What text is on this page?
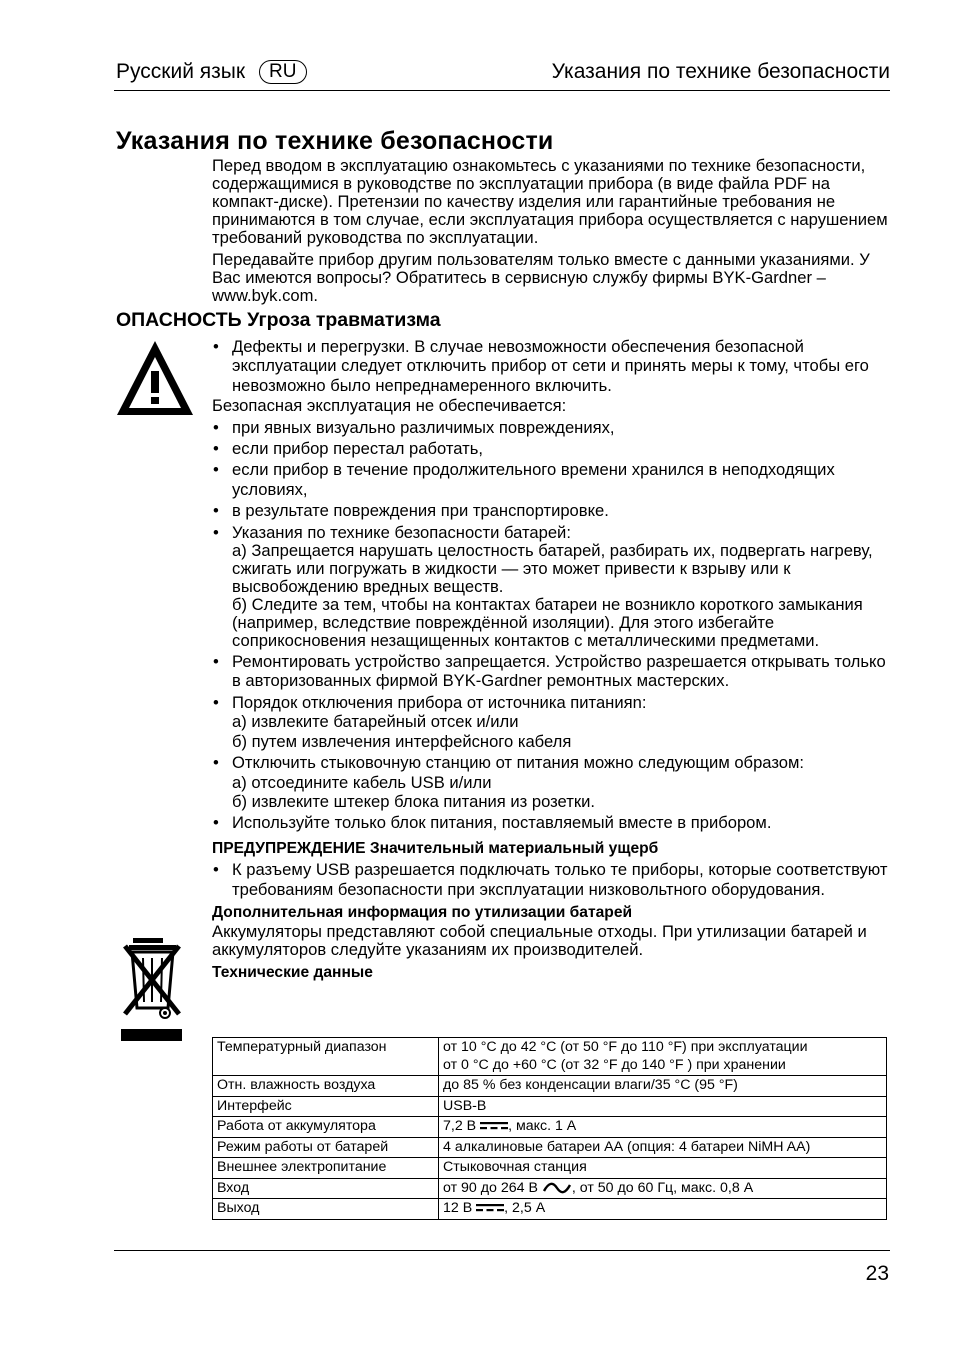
Русский язык	RU	Указания по технике безопасности
Указания по технике безопасности

Перед вводом в эксплуатацию ознакомьтесь с указаниями по технике безопасности, содержащимися в руководстве по эксплуатации прибора (в виде файла PDF на компакт-диске). Претензии по качеству изделия или гарантийные требования не принимаются в том случае, если эксплуатация прибора осуществляется с нарушением требований руководства по эксплуатации.

Передавайте прибор другим пользователям только вместе с данными указаниями. У Вас имеются вопросы? Обратитесь в сервисную службу фирмы BYK-Gardner – www.byk.com.

ОПАСНОСТЬ Угроза травматизма
• Дефекты и перегрузки. В случае невозможности обеспечения безопасной эксплуатации следует отключить прибор от сети и принять меры к тому, чтобы его невозможно было непреднамеренного включить.
Безопасная эксплуатация не обеспечивается:
• при явных визуально различимых повреждениях,
• если прибор перестал работать,
• если прибор в течение продолжительного времени хранился в неподходящих условиях,
• в результате повреждения при транспортировке.
• Указания по технике безопасности батарей:
а) Запрещается нарушать целостность батарей, разбирать их, подвергать нагреву, сжигать или погружать в жидкости — это может привести к взрыву или к высвобождению вредных веществ.
б) Следите за тем, чтобы на контактах батареи не возникло короткого замыкания (например, вследствие повреждённой изоляции). Для этого избегайте соприкосновения незащищенных контактов с металлическими предметами.
• Ремонтировать устройство запрещается. Устройство разрешается открывать только в авторизованных фирмой BYK-Gardner ремонтных мастерских.
• Порядок отключения прибора от источника питанияn:
а) извлеките батарейный отсек и/или
б) путем извлечения интерфейсного кабеля
• Отключить стыковочную станцию от питания можно следующим образом:
а) отсоедините кабель USB и/или
б) извлеките штекер блока питания из розетки.
• Используйте только блок питания, поставляемый вместе в прибором.
ПРЕДУПРЕЖДЕНИЕ Значительный материальный ущерб
• К разъему USB разрешается подключать только те приборы, которые соответствуют требованиям безопасности при эксплуатации низковольтного оборудования.
Дополнительная информация по утилизации батарей
Аккумуляторы представляют собой специальные отходы. При утилизации батарей и аккумуляторов следуйте указаниям их производителей.
Технические данные
Температурный диапазон	от 10 °C до 42 °C (от 50 °F до 110 °F) при эксплуатации
от 0 °C до +60 °C (от 32 °F до 140 °F ) при хранении

Отн. влажность воздуха	до 85 % без конденсации влаги/35 °C (95 °F)
Интерфейс	USB-B
Работа от аккумулятора	7,2 В , макс. 1 А
Режим работы от батарей	4 алкалиновые батареи АА (опция: 4 батареи NiMH AA)
Внешнее электропитание	Стыковочная станция
Вход	от 90 до 264 В , от 50 до 60 Гц, макс. 0,8 А
Выход	12 В , 2,5 А
23
